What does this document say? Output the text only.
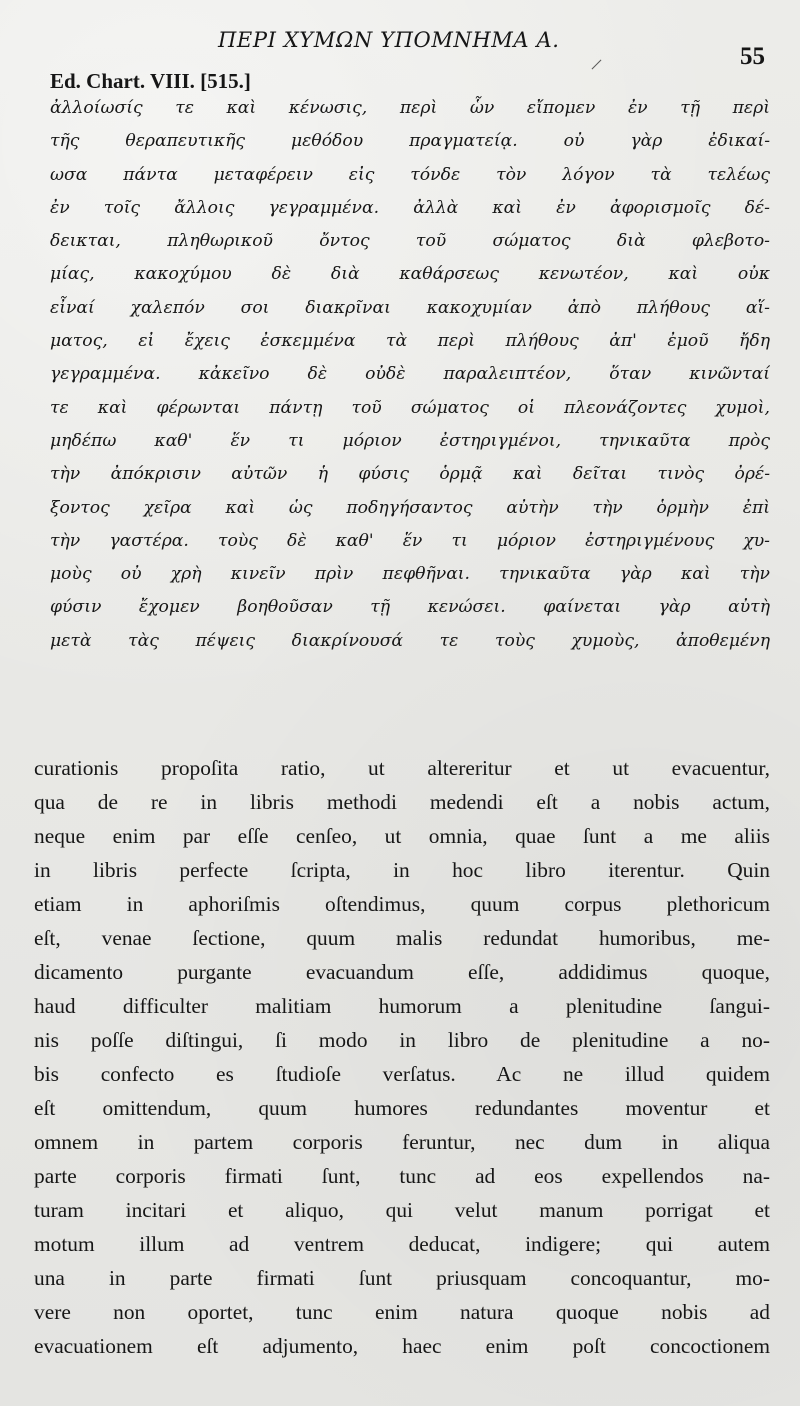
ΠΕΡΙ ΧΥΜΩΝ ΥΠΟΜΝΗΜΑ Α.
55
Ed. Chart. VIII. [515.]
ἀλλοίωσίς τε καὶ κένωσις, περὶ ὧν εἴπομεν ἐν τῇ περὶ
τῆς θεραπευτικῆς μεθόδου πραγματείᾳ. οὐ γὰρ ἐδικαί-
ωσα πάντα μεταφέρειν εἰς τόνδε τὸν λόγον τὰ τελέως
ἐν τοῖς ἄλλοις γεγραμμένα. ἀλλὰ καὶ ἐν ἀφορισμοῖς δέ-
δεικται, πληθωρικοῦ ὄντος τοῦ σώματος διὰ φλεβοτο-
μίας, κακοχύμου δὲ διὰ καθάρσεως κενωτέον, καὶ οὐκ
εἶναί χαλεπόν σοι διακρῖναι κακοχυμίαν ἀπὸ πλήθους αἵ-
ματος, εἰ ἔχεις ἐσκεμμένα τὰ περὶ πλήθους ἀπ' ἐμοῦ ἤδη
γεγραμμένα. κἀκεῖνο δὲ οὐδὲ παραλειπτέον, ὅταν κινῶνταί
τε καὶ φέρωνται πάντῃ τοῦ σώματος οἱ πλεονάζοντες χυμοὶ,
μηδέπω καθ' ἕν τι μόριον ἐστηριγμένοι, τηνικαῦτα πρὸς
τὴν ἀπόκρισιν αὐτῶν ἡ φύσις ὁρμᾷ καὶ δεῖται τινὸς ὀρέ-
ξοντος χεῖρα καὶ ὡς ποδηγήσαντος αὐτὴν τὴν ὁρμὴν ἐπὶ
τὴν γαστέρα. τοὺς δὲ καθ' ἕν τι μόριον ἐστηριγμένους χυ-
μοὺς οὐ χρὴ κινεῖν πρὶν πεφθῆναι. τηνικαῦτα γὰρ καὶ τὴν
φύσιν ἔχομεν βοηθοῦσαν τῇ κενώσει. φαίνεται γὰρ αὐτὴ
μετὰ τὰς πέψεις διακρίνουσά τε τοὺς χυμοὺς, ἀποθεμένη
curationis propoſita ratio, ut altereritur et ut evacuentur,
qua de re in libris methodi medendi eſt a nobis actum,
neque enim par eſſe cenſeo, ut omnia, quae ſunt a me aliis
in libris perfecte ſcripta, in hoc libro iterentur. Quin
etiam in aphoriſmis oſtendimus, quum corpus plethoricum
eſt, venae ſectione, quum malis redundat humoribus, me-
dicamento purgante evacuandum eſſe, addidimus quoque,
haud difficulter malitiam humorum a plenitudine ſangui-
nis poſſe diſtingui, ſi modo in libro de plenitudine a no-
bis confecto es ſtudioſe verſatus. Ac ne illud quidem
eſt omittendum, quum humores redundantes moventur et
omnem in partem corporis feruntur, nec dum in aliqua
parte corporis firmati ſunt, tunc ad eos expellendos na-
turam incitari et aliquo, qui velut manum porrigat et
motum illum ad ventrem deducat, indigere; qui autem
una in parte firmati ſunt priusquam concoquantur, mo-
vere non oportet, tunc enim natura quoque nobis ad
evacuationem eſt adjumento, haec enim poſt concoctionem
